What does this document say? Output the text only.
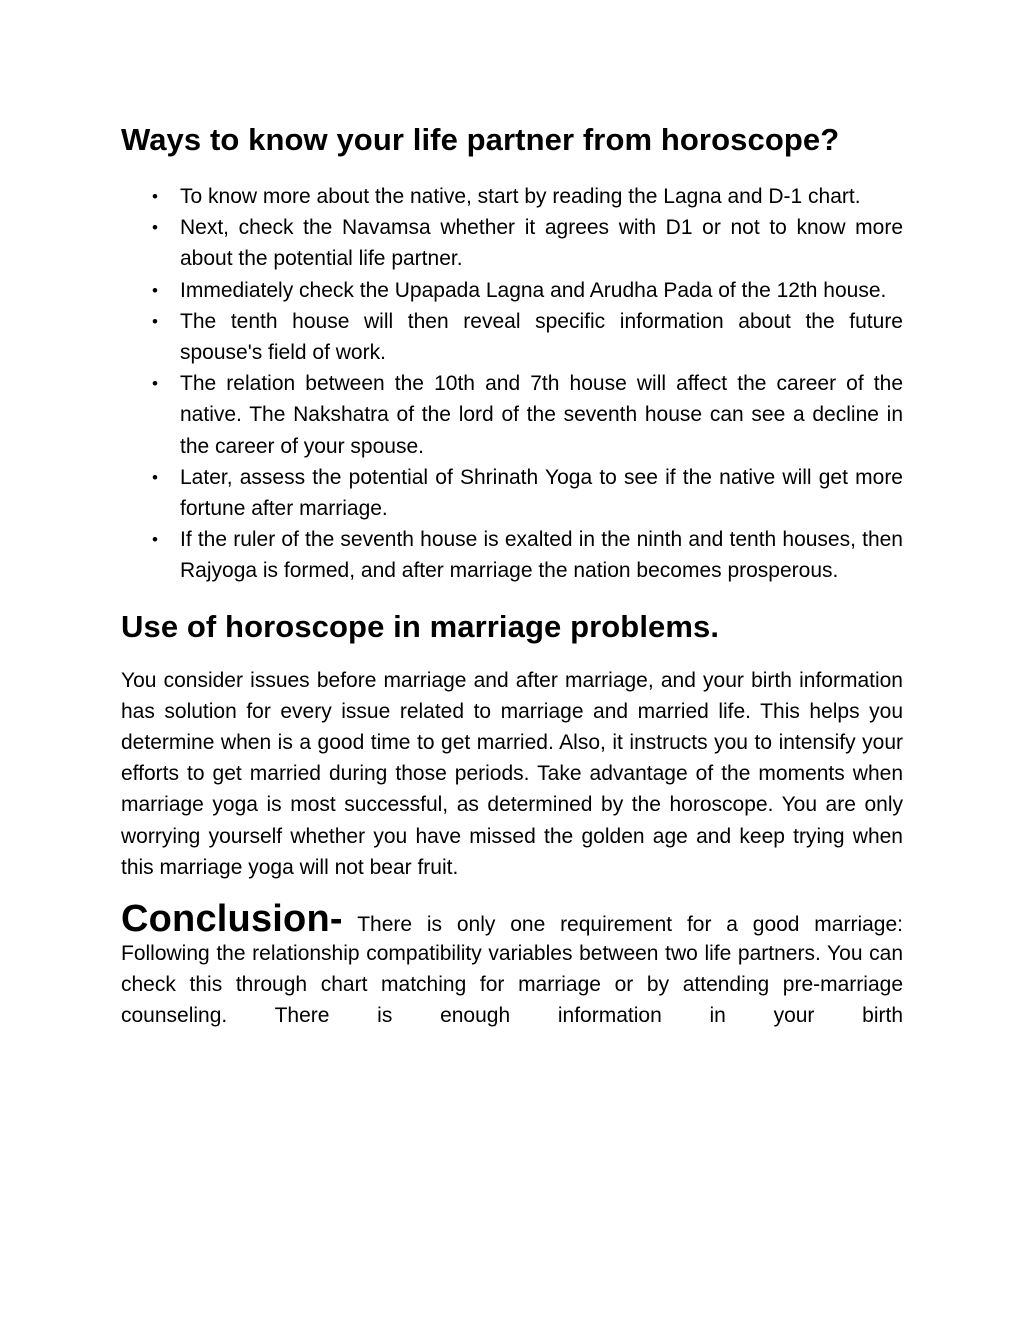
Ways to know your life partner from horoscope?
• To know more about the native, start by reading the Lagna and D-1 chart.
• Next, check the Navamsa whether it agrees with D1 or not to know more about the potential life partner.
• Immediately check the Upapada Lagna and Arudha Pada of the 12th house.
• The tenth house will then reveal specific information about the future spouse's field of work.
• The relation between the 10th and 7th house will affect the career of the native. The Nakshatra of the lord of the seventh house can see a decline in the career of your spouse.
• Later, assess the potential of Shrinath Yoga to see if the native will get more fortune after marriage.
• If the ruler of the seventh house is exalted in the ninth and tenth houses, then Rajyoga is formed, and after marriage the nation becomes prosperous.
Use of horoscope in marriage problems.

You consider issues before marriage and after marriage, and your birth information has solution for every issue related to marriage and married life. This helps you determine when is a good time to get married. Also, it instructs you to intensify your efforts to get married during those periods. Take advantage of the moments when marriage yoga is most successful, as determined by the horoscope. You are only worrying yourself whether you have missed the golden age and keep trying when this marriage yoga will not bear fruit.

Conclusion- There is only one requirement for a good marriage:
Following the relationship compatibility variables between two life partners. You can check this through chart matching for marriage or by attending pre-marriage counseling. There is enough information in your birth
